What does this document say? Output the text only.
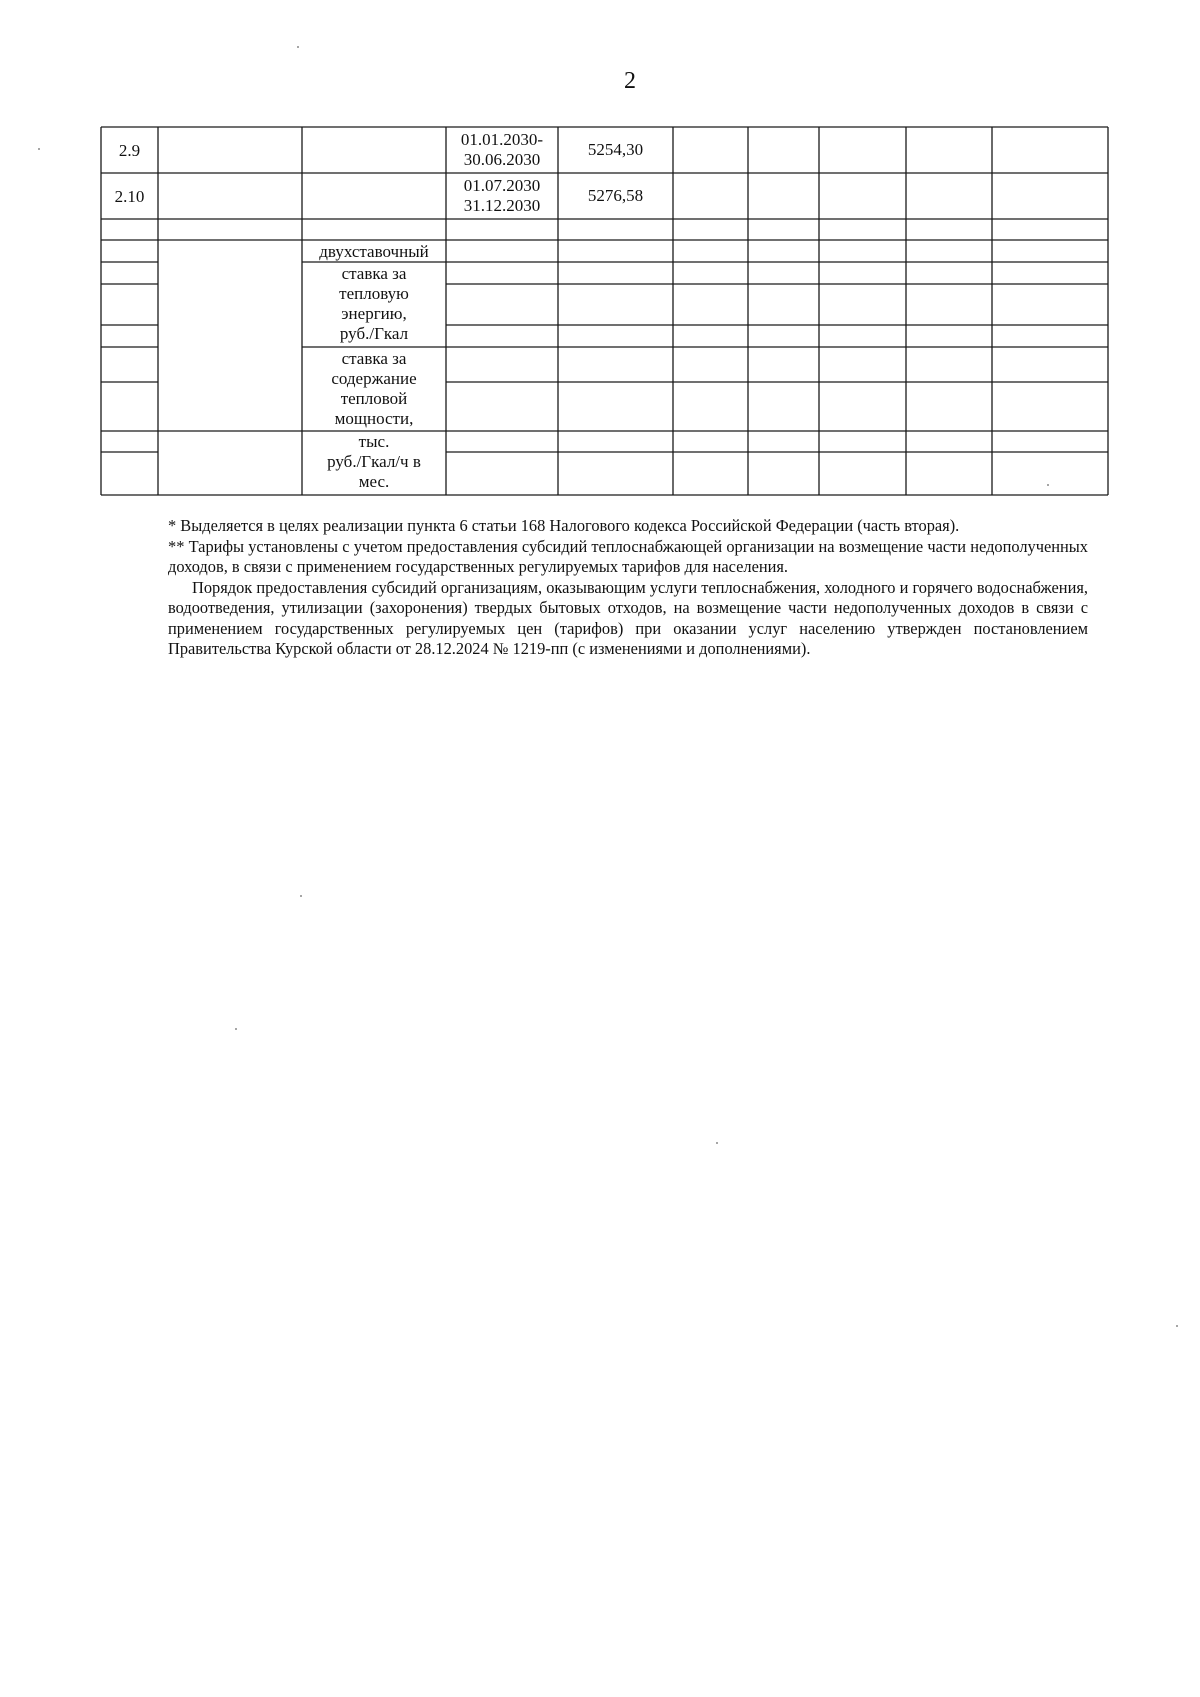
2
2.9
01.01.2030-
30.06.2030
5254,30
2.10
01.07.2030
31.12.2030
5276,58
двухставочный
ставка за
тепловую
энергию,
руб./Гкал
ставка за
содержание
тепловой
мощности,
тыс.
руб./Гкал/ч в
мес.

* Выделяется в целях реализации пункта 6 статьи 168 Налогового кодекса Российской Федерации (часть вторая).

** Тарифы установлены с учетом предоставления субсидий теплоснабжающей организации на возмещение части недополученных доходов, в связи с применением государственных регулируемых тарифов для населения.

Порядок предоставления субсидий организациям, оказывающим услуги теплоснабжения, холодного и горячего водоснабжения, водоотведения, утилизации (захоронения) твердых бытовых отходов, на возмещение части недополученных доходов в связи с применением государственных регулируемых цен (тарифов) при оказании услуг населению утвержден постановлением Правительства Курской области от 28.12.2024 № 1219-пп (с изменениями и дополнениями).
